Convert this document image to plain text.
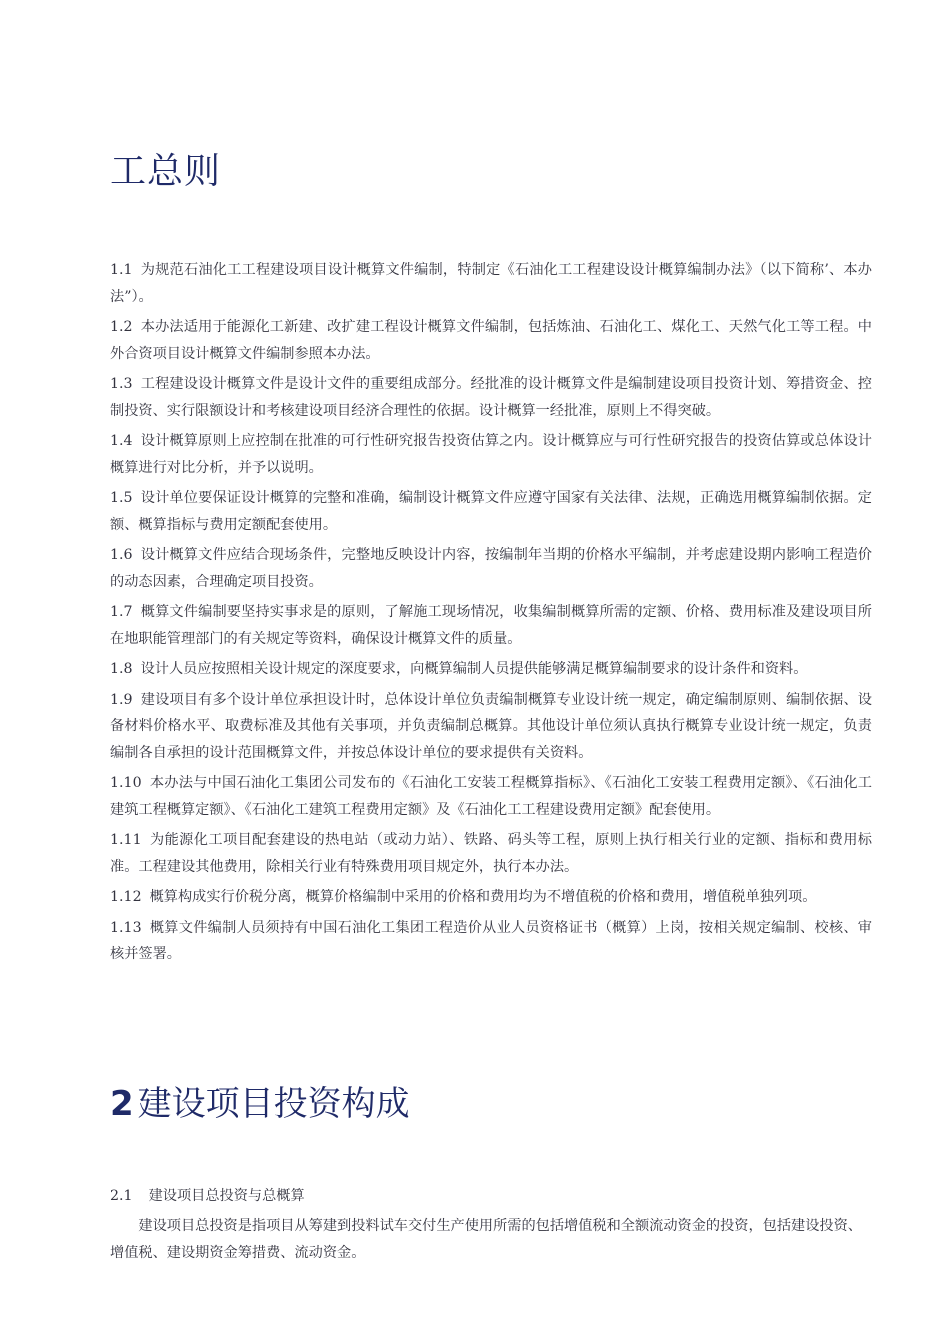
工总则

1.1 为规范石油化工工程建设项目设计概算文件编制，特制定《石油化工工程建设设计概算编制办法》（以下简称’、本办法”）。

1.2 本办法适用于能源化工新建、改扩建工程设计概算文件编制，包括炼油、石油化工、煤化工、天然气化工等工程。中外合资项目设计概算文件编制参照本办法。

1.3 工程建设设计概算文件是设计文件的重要组成部分。经批准的设计概算文件是编制建设项目投资计划、筹措资金、控制投资、实行限额设计和考核建设项目经济合理性的依据。设计概算一经批准，原则上不得突破。

1.4 设计概算原则上应控制在批准的可行性研究报告投资估算之内。设计概算应与可行性研究报告的投资估算或总体设计概算进行对比分析，并予以说明。

1.5 设计单位要保证设计概算的完整和准确，编制设计概算文件应遵守国家有关法律、法规，正确选用概算编制依据。定额、概算指标与费用定额配套使用。

1.6 设计概算文件应结合现场条件，完整地反映设计内容，按编制年当期的价格水平编制，并考虑建设期内影响工程造价的动态因素，合理确定项目投资。

1.7 概算文件编制要坚持实事求是的原则，了解施工现场情况，收集编制概算所需的定额、价格、费用标准及建设项目所在地职能管理部门的有关规定等资料，确保设计概算文件的质量。

1.8 设计人员应按照相关设计规定的深度要求，向概算编制人员提供能够满足概算编制要求的设计条件和资料。

1.9 建设项目有多个设计单位承担设计时，总体设计单位负责编制概算专业设计统一规定，确定编制原则、编制依据、设备材料价格水平、取费标准及其他有关事项，并负责编制总概算。其他设计单位须认真执行概算专业设计统一规定，负责编制各自承担的设计范围概算文件，并按总体设计单位的要求提供有关资料。

1.10 本办法与中国石油化工集团公司发布的《石油化工安装工程概算指标》、《石油化工安装工程费用定额》、《石油化工建筑工程概算定额》、《石油化工建筑工程费用定额》及《石油化工工程建设费用定额》配套使用。

1.11 为能源化工项目配套建设的热电站（或动力站）、铁路、码头等工程，原则上执行相关行业的定额、指标和费用标准。工程建设其他费用，除相关行业有特殊费用项目规定外，执行本办法。

1.12 概算构成实行价税分离，概算价格编制中采用的价格和费用均为不增值税的价格和费用，增值税单独列项。

1.13 概算文件编制人员须持有中国石油化工集团工程造价从业人员资格证书（概算）上岗，按相关规定编制、校核、审核并签署。

2 建设项目投资构成
2.1 建设项目总投资与总概算

建设项目总投资是指项目从筹建到投料试车交付生产使用所需的包括增值税和全额流动资金的投资，包括建设投资、增值税、建设期资金筹措费、流动资金。
